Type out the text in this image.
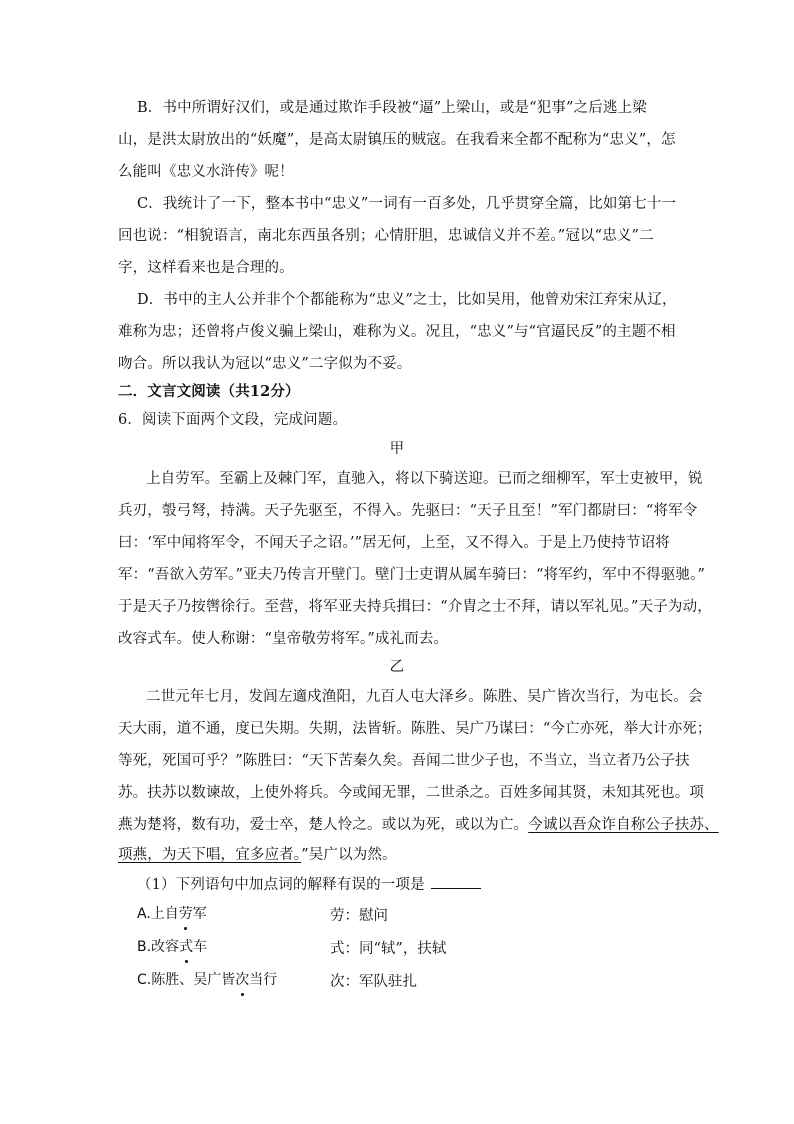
B．书中所谓好汉们，或是通过欺诈手段被“逼”上梁山，或是“犯事”之后逃上梁
山，是洪太尉放出的“妖魔”，是高太尉镇压的贼寇。在我看来全都不配称为“忠义”，怎
么能叫《忠义水浒传》呢！
C．我统计了一下，整本书中“忠义”一词有一百多处，几乎贯穿全篇，比如第七十一
回也说：“相貌语言，南北东西虽各别；心情肝胆，忠诚信义并不差。”冠以“忠义”二
字，这样看来也是合理的。
D．书中的主人公并非个个都能称为“忠义”之士，比如吴用，他曾劝宋江弃宋从辽，
难称为忠；还曾将卢俊义骗上梁山，难称为义。况且，“忠义”与“官逼民反”的主题不相
吻合。所以我认为冠以“忠义”二字似为不妥。
二．文言文阅读（共12分）
6．阅读下面两个文段，完成问题。
甲
上自劳军。至霸上及棘门军，直驰入，将以下骑送迎。已而之细柳军，军士吏被甲，锐
兵刃，彀弓弩，持满。天子先驱至，不得入。先驱曰：“天子且至！”军门都尉曰：“将军令
曰：‘军中闻将军令，不闻天子之诏。’”居无何，上至，又不得入。于是上乃使持节诏将
军：“吾欲入劳军。”亚夫乃传言开壁门。壁门士吏谓从属车骑曰：“将军约，军中不得驱驰。”
于是天子乃按辔徐行。至营，将军亚夫持兵揖曰：“介胄之士不拜，请以军礼见。”天子为动，
改容式车。使人称谢：“皇帝敬劳将军。”成礼而去。
乙
二世元年七月，发闾左適戍渔阳，九百人屯大泽乡。陈胜、吴广皆次当行，为屯长。会
天大雨，道不通，度已失期。失期，法皆斩。陈胜、吴广乃谋曰：“今亡亦死，举大计亦死；
等死，死国可乎？”陈胜曰：“天下苦秦久矣。吾闻二世少子也，不当立，当立者乃公子扶
苏。扶苏以数谏故，上使外将兵。今或闻无罪，二世杀之。百姓多闻其贤，未知其死也。项
燕为楚将，数有功，爱士卒，楚人怜之。或以为死，或以为亡。今诚以吾众诈自称公子扶苏、
项燕，为天下唱，宜多应者。”吴广以为然。
（1）下列语句中加点词的解释有误的一项是
A.上自劳军	劳：慰问
B.改容式车	式：同“轼”，扶轼
C.陈胜、吴广皆次当行	次：军队驻扎
